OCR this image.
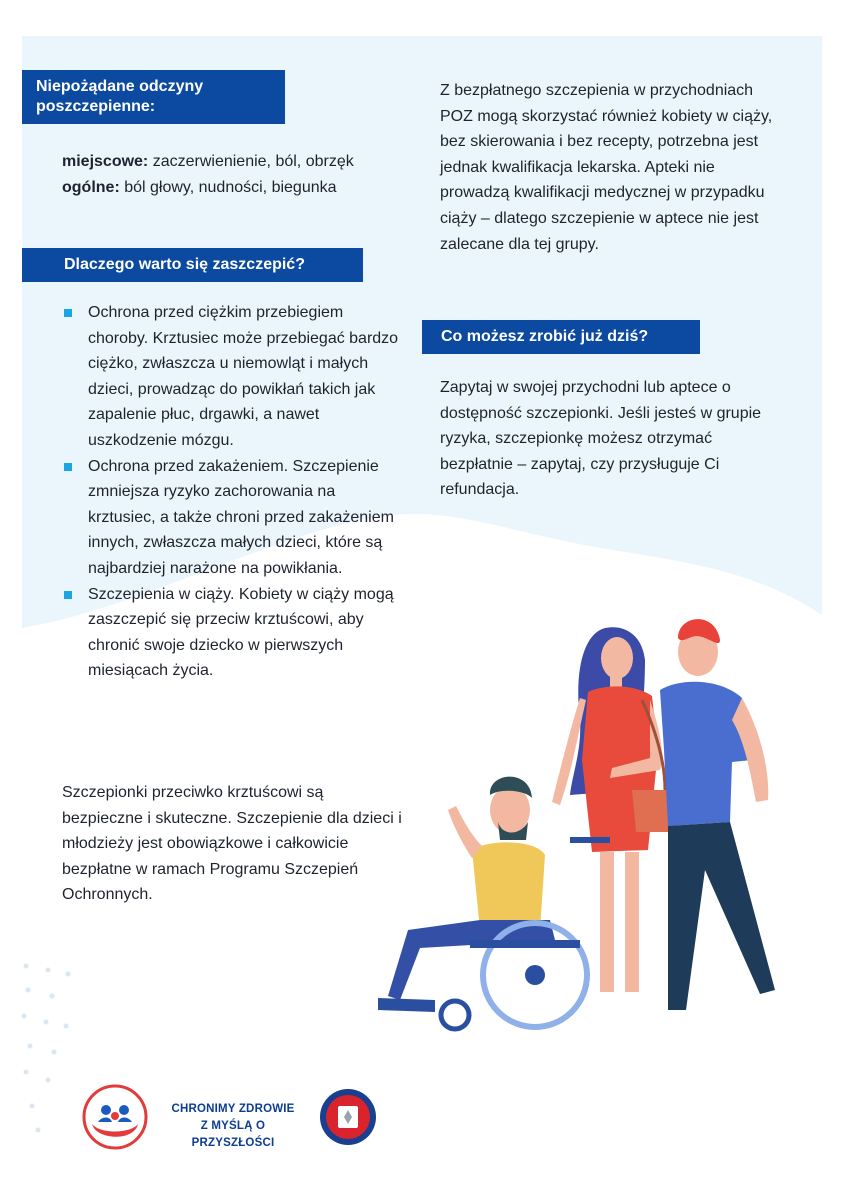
Niepożądane odczyny poszczepienne:
miejscowe: zaczerwienienie, ból, obrzęk
ogólne: ból głowy, nudności, biegunka
Dlaczego warto się zaszczepić?
Ochrona przed ciężkim przebiegiem choroby. Krztusiec może przebiegać bardzo ciężko, zwłaszcza u niemowląt i małych dzieci, prowadząc do powikłań takich jak zapalenie płuc, drgawki, a nawet uszkodzenie mózgu.
Ochrona przed zakażeniem. Szczepienie zmniejsza ryzyko zachorowania na krztusiec, a także chroni przed zakażeniem innych, zwłaszcza małych dzieci, które są najbardziej narażone na powikłania.
Szczepienia w ciąży. Kobiety w ciąży mogą zaszczepić się przeciw krztuścowi, aby chronić swoje dziecko w pierwszych miesiącach życia.
Szczepionki przeciwko krztuścowi są bezpieczne i skuteczne. Szczepienie dla dzieci i młodzieży jest obowiązkowe i całkowicie bezpłatne w ramach Programu Szczepień Ochronnych.
Z bezpłatnego szczepienia w przychodniach POZ mogą skorzystać również kobiety w ciąży, bez skierowania i bez recepty, potrzebna jest jednak kwalifikacja lekarska. Apteki nie prowadzą kwalifikacji medycznej w przypadku ciąży – dlatego szczepienie w aptece nie jest zalecane dla tej grupy.
Co możesz zrobić już dziś?
Zapytaj w swojej przychodni lub aptece o dostępność szczepionki. Jeśli jesteś w grupie ryzyka, szczepionkę możesz otrzymać bezpłatnie – zapytaj, czy przysługuje Ci refundacja.
CHRONIMY ZDROWIE
Z MYŚLĄ O PRZYSZŁOŚCI
